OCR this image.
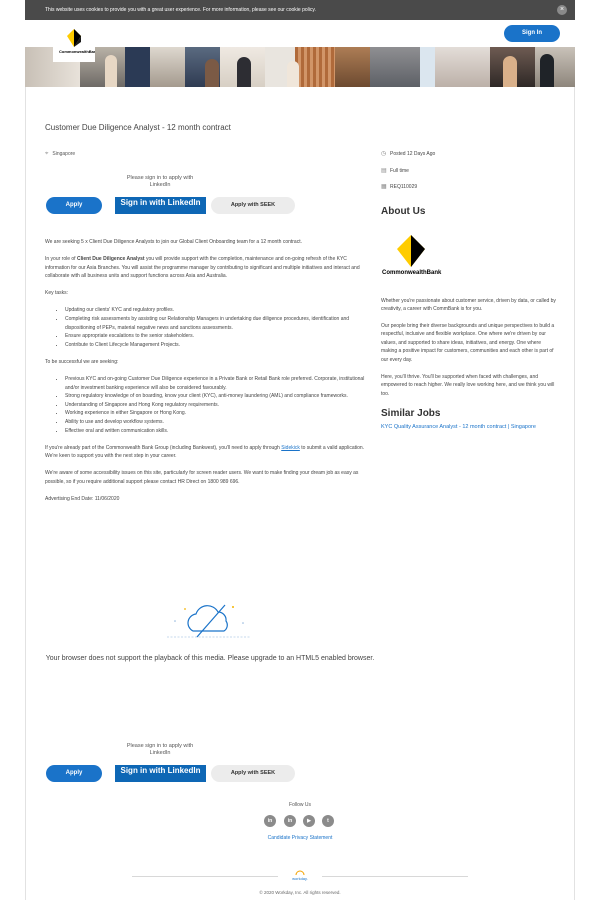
This website uses cookies to provide you with a great user experience. For more information, please see our cookie policy.	×
CommonwealthBank
Sign In
Customer Due Diligence Analyst - 12 month contract
⌖ Singapore
Please sign in to apply with LinkedIn
Apply	Sign in with LinkedIn	Apply with SEEK

We are seeking 5 x Client Due Diligence Analysts to join our Global Client Onboarding team for a 12 month contract.

In your role of Client Due Diligence Analyst you will provide support with the completion, maintenance and on-going refresh of the KYC information for our Asia Branches. You will assist the programme manager by contributing to significant and multiple initiatives and interact and collaborate with all business units and support functions across Asia and Australia.

Key tasks:

• Updating our clients' KYC and regulatory profiles.
• Completing risk assessments by assisting our Relationship Managers in undertaking due diligence procedures, identification and dispositioning of PEPs, material negative news and sanctions assessments.
• Ensure appropriate escalations to the senior stakeholders.
• Contribute to Client Lifecycle Management Projects.

To be successful we are seeking:

• Previous KYC and on-going Customer Due Diligence experience in a Private Bank or Retail Bank role preferred. Corporate, institutional and/or investment banking experience will also be considered favourably.
• Strong regulatory knowledge of on boarding, know your client (KYC), anti-money laundering (AML) and compliance frameworks.
• Understanding of Singapore and Hong Kong regulatory requirements.
• Working experience in either Singapore or Hong Kong.
• Ability to use and develop workflow systems.
• Effective oral and written communication skills.

If you're already part of the Commonwealth Bank Group (including Bankwest), you'll need to apply through Sidekick to submit a valid application. We're keen to support you with the next step in your career.

We're aware of some accessibility issues on this site, particularly for screen reader users. We want to make finding your dream job as easy as possible, so if you require additional support please contact HR Direct on 1800 989 696.

Advertising End Date: 11/06/2020

Your browser does not support the playback of this media. Please upgrade to an HTML5 enabled browser.
Please sign in to apply with LinkedIn
Apply	Sign in with LinkedIn	Apply with SEEK
◷ Posted 12 Days Ago
▤ Full time
▦ REQ110029
About Us
CommonwealthBank

Whether you're passionate about customer service, driven by data, or called by creativity, a career with CommBank is for you.

Our people bring their diverse backgrounds and unique perspectives to build a respectful, inclusive and flexible workplace. One where we're driven by our values, and supported to share ideas, initiatives, and energy. One where making a positive impact for customers, communities and each other is part of our every day.

Here, you'll thrive. You'll be supported when faced with challenges, and empowered to reach higher. We really love working here, and we think you will too.

Similar Jobs
KYC Quality Assurance Analyst - 12 month contract | Singapore
Follow Us
in	in	▶	t
Candidate Privacy Statement
workday.
© 2020 Workday, Inc. All rights reserved.
